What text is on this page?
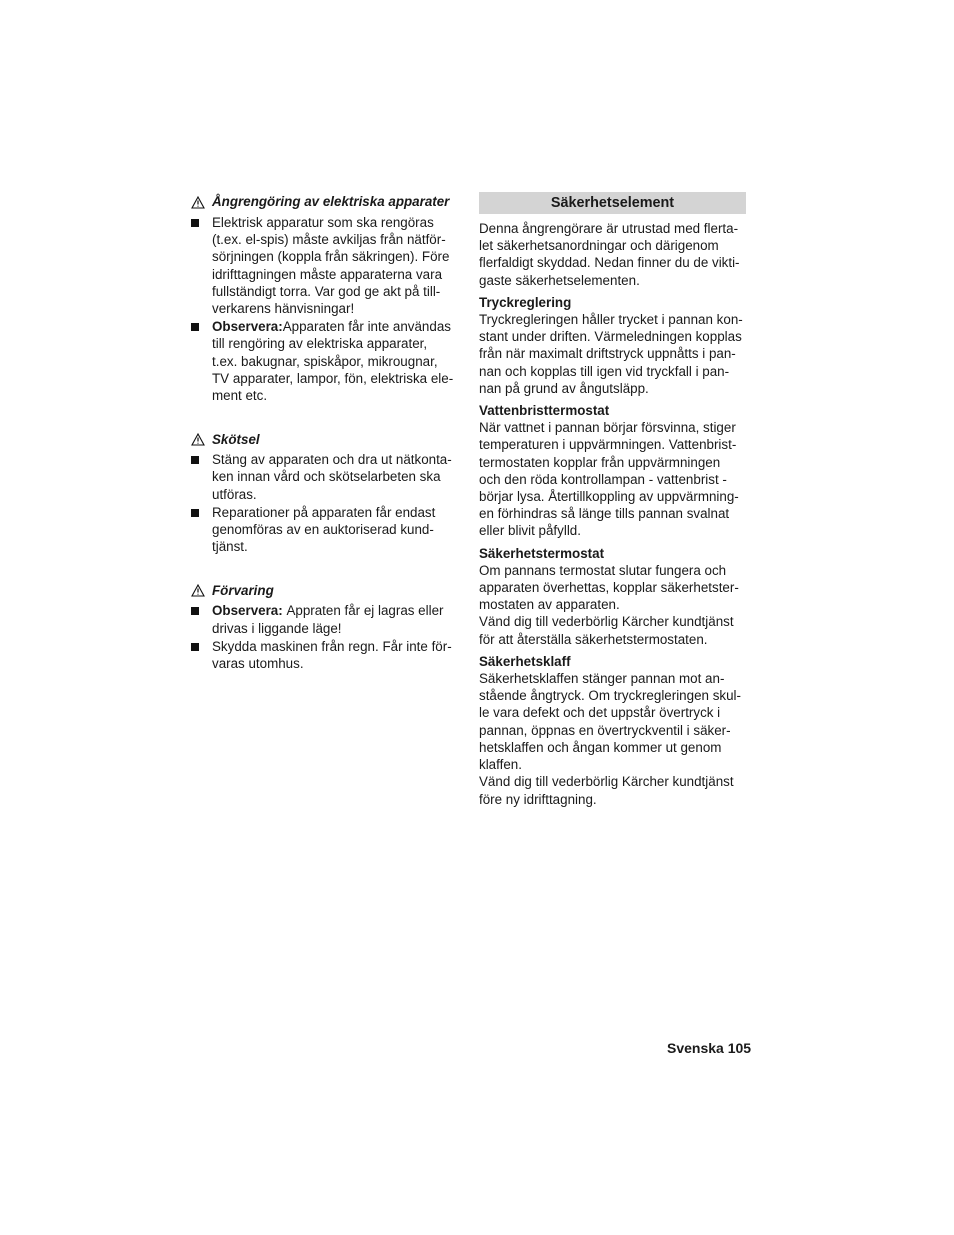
Ångrengöring av elektriska apparater
Elektrisk apparatur som ska rengöras
(t.ex. el-spis) måste avkiljas från nätför-
sörjningen (koppla från säkringen). Före
idrifttagningen måste apparaterna vara
fullständigt torra. Var god ge akt på till-
verkarens hänvisningar!
Observera:Apparaten får inte användas
till rengöring av elektriska apparater,
t.ex. bakugnar, spiskåpor, mikrougnar,
TV apparater, lampor, fön, elektriska ele-
ment etc.
Skötsel
Stäng av apparaten och dra ut nätkonta-
ken innan vård och skötselarbeten ska
utföras.
Reparationer på apparaten får endast
genomföras av en auktoriserad kund-
tjänst.
Förvaring
Observera: Appraten får ej lagras eller
drivas i liggande läge!
Skydda maskinen från regn. Får inte för-
varas utomhus.
Säkerhetselement
Denna ångrengörare är utrustad med flerta-
let säkerhetsanordningar och därigenom
flerfaldigt skyddad. Nedan finner du de vikti-
gaste säkerhetselementen.
Tryckreglering
Tryckregleringen håller trycket i pannan kon-
stant under driften. Värmeledningen kopplas
från när maximalt driftstryck uppnåtts i pan-
nan och kopplas till igen vid tryckfall i pan-
nan på grund av ångutsläpp.
Vattenbristtermostat
När vattnet i pannan börjar försvinna, stiger
temperaturen i uppvärmningen. Vattenbrist-
termostaten kopplar från uppvärmningen
och den röda kontrollampan - vattenbrist -
börjar lysa. Återtillkoppling av uppvärmning-
en förhindras så länge tills pannan svalnat
eller blivit påfylld.
Säkerhetstermostat
Om pannans termostat slutar fungera och
apparaten överhettas, kopplar säkerhetster-
mostaten av apparaten.
Vänd dig till vederbörlig Kärcher kundtjänst
för att återställa säkerhetstermostaten.
Säkerhetsklaff
Säkerhetsklaffen stänger pannan mot an-
stående ångtryck. Om tryckregleringen skul-
le vara defekt och det uppstår övertryck i
pannan, öppnas en övertryckventil i säker-
hetsklaffen och ångan kommer ut genom
klaffen.
Vänd dig till vederbörlig Kärcher kundtjänst
före ny idrifttagning.
Svenska 105
